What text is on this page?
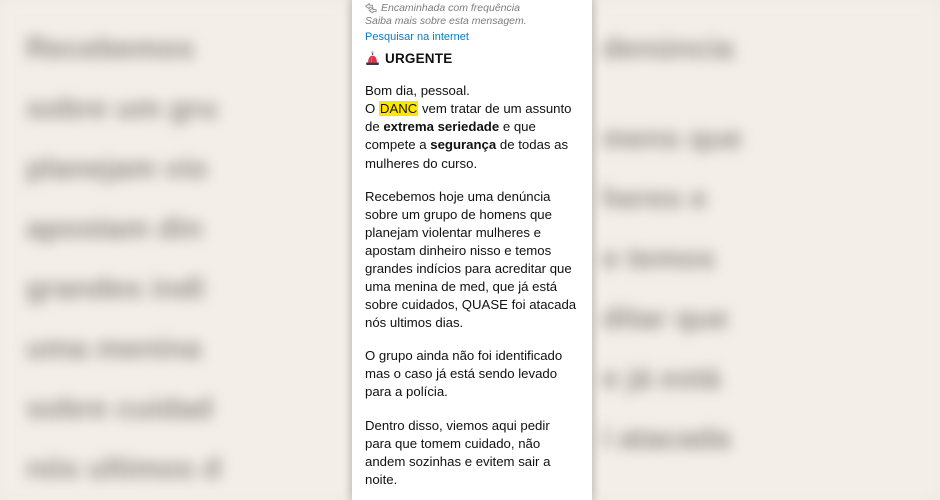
Recebemos
sobre um gru
planejam vio
apostam din
grandes indí
uma menina
sobre cuidad
nós ultimos d
denúncia
mens que
heres e
e temos
ditar que
e já está
i atacada
Encaminhada com frequência
Saiba mais sobre esta mensagem.
Pesquisar na internet
URGENTE

Bom dia, pessoal.
O DANC vem tratar de um assunto de extrema seriedade e que compete a segurança de todas as mulheres do curso.

Recebemos hoje uma denúncia sobre um grupo de homens que planejam violentar mulheres e apostam dinheiro nisso e temos grandes indícios para acreditar que uma menina de med, que já está sobre cuidados, QUASE foi atacada nós ultimos dias.

O grupo ainda não foi identificado mas o caso já está sendo levado para a polícia.

Dentro disso, viemos aqui pedir para que tomem cuidado, não andem sozinhas e evitem sair a noite.
